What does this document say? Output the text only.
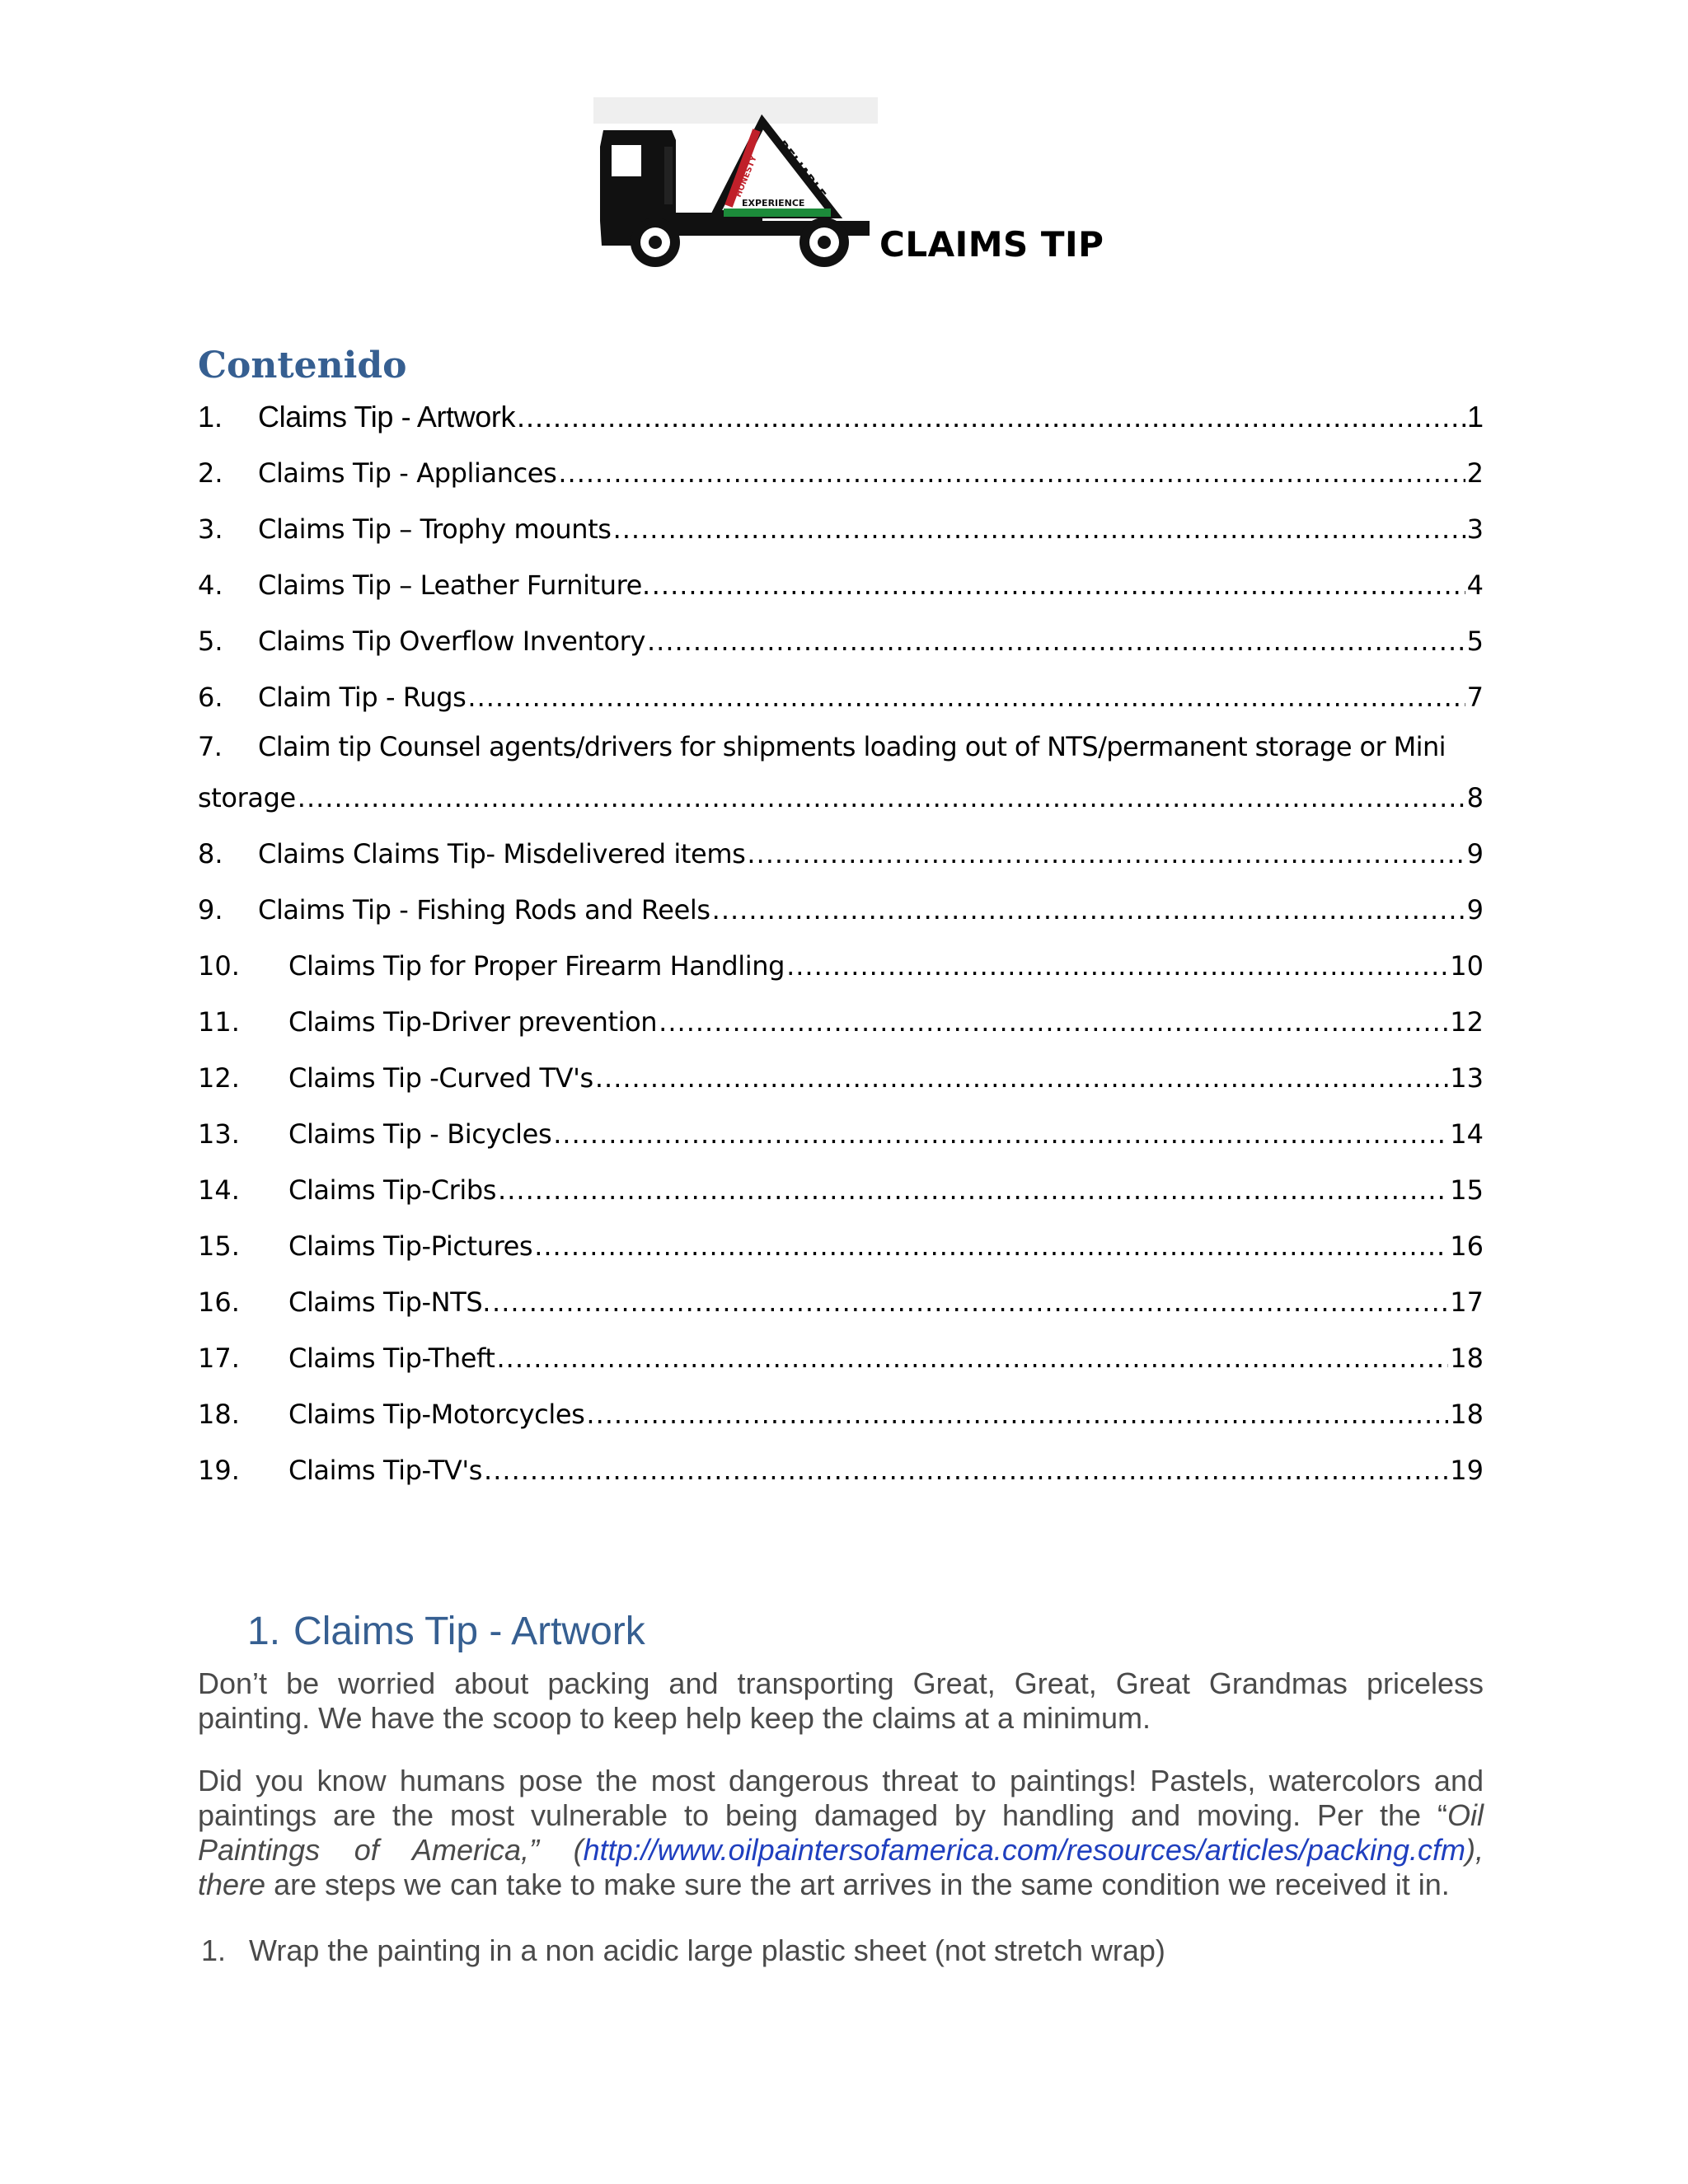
RELIABLE
EXPERIENCE
HONESTY
CLAIMS TIP
Contenido
1.	Claims Tip - Artwork .....	1
2.	Claims Tip - Appliances .....	2
3.	Claims Tip – Trophy mounts .....	3
4.	Claims Tip – Leather Furniture. .....	4
5.	Claims Tip Overflow Inventory .....	5
6.	Claim Tip - Rugs .....	7
7. Claim tip Counsel agents/drivers for shipments loading out of NTS/permanent storage or Mini
storage .....	8
8.	Claims Claims Tip- Misdelivered items .....	9
9.	Claims Tip - Fishing Rods and Reels .....	9
10.	Claims Tip for Proper Firearm Handling .....	10
11.	Claims Tip-Driver prevention .....	12
12.	Claims Tip -Curved TV's .....	13
13.	Claims Tip - Bicycles .....	14
14.	Claims Tip-Cribs .....	15
15.	Claims Tip-Pictures .....	16
16.	Claims Tip-NTS. .....	17
17.	Claims Tip-Theft .....	18
18.	Claims Tip-Motorcycles .....	18
19.	Claims Tip-TV's .....	19
1. Claims Tip - Artwork
Don’t be worried about packing and transporting Great, Great, Great Grandmas priceless
painting. We have the scoop to keep help keep the claims at a minimum.
Did you know humans pose the most dangerous threat to paintings! Pastels, watercolors and
paintings are the most vulnerable to being damaged by handling and moving. Per the “Oil
Paintings of America,” (http://www.oilpaintersofamerica.com/resources/articles/packing.cfm),
there are steps we can take to make sure the art arrives in the same condition we received it in.
1. Wrap the painting in a non acidic large plastic sheet (not stretch wrap)
